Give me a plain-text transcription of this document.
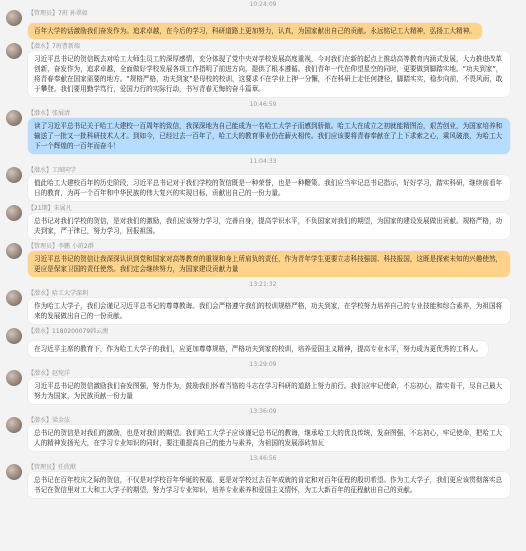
10:24:09
【管理员】7班 孙翠如
百年大学的话激励我们奋发作为。追求卓越，在今后的学习，科研道路上更加努力，认真，为国家献出自己的贡献。永远铭记工大精神，弘扬工大精神。
【潜水】7班曹新瑞
习近平总书记的贺信既去对哈工大师生员工的深厚感情，充分体现了党中央对学校发展高度重视，今对我们在新的起点上推动高等教育内涵式发展，大力推进改革创新，奋发作为，追求卓越，全面做好学校发展各项工作指明了前进方向，提供了根本遵循。我们青年一代在仰望星空的同时，更要做到脚踏实地。“功夫到家”，将青春奉献在国家需要的地方。“规格严格，功夫到家”是母校的校训，这要求不在学业上押一分懈，不在科研上走任何捷径，脚踏实实，稳步向前，不畏风雨，敢于攀登。我们要用勤学笃行，爱国力行的实际行动，书写青春无悔的奋斗篇章。
10:46:59
【潜水】张展清
读了习近平总书记关于哈工大建校一百周年的致信，我深深地为自己能成为一名哈工大学子而感到骄傲。哈工大在成立之初就能精图治，艰苦创业，为国家培养和输送了一批又一批科研技术人才。到如今，已经过去一百年了，哈工大的教育事业仍在薪火相传。我们应该要将青春奉献在了上下求索之心，乘风破浪，为哈工大下一个辉煌的一百年而奋斗！
11:04:33
【潜水】工图同学
值此哈工大建校百年的历史阶段，习近平总书记对于我们学校的贺信既是一种荣誉，也是一种鞭策。我们应当牢记总书记指示，好好学习，踏实科研，继续前看年日的教育，为再一个百年和中华民族的伟大复兴的实现目标，贡献出自己的一份力量。
【21期】朱展凡
总书记对我们学校的贺信，是对我们的激励，我们应该努力学习，完善自身，提高学识水平，不负国家对我们的期望，为国家的建设发展做出贡献。规格严格，功夫到家，严于律已，努力学习，回报祖国。
【管理员】李鹏 小班2群
习近平总书记的贺信让我深深认识到党和国家对高等教育的重视和身上所肩负的责任，作为青年学生更要立志科技强国、科技报国，这既是探索未知的兴趣使然，更应是保家卫国的责任使然。我们定会继续努力，为国家建设贡献力量
13:21:32
【潜水】哈工大学深圳
作为哈工大学子，我们会谨记习近平总书记的尊尊教诲。我们会严格遵守我们的校训规格严格，功夫到家，在学校努力培养自己的专业技能和综合素养，为祖国将来的发展做出自己的一份贡献。
【潜水】1180200079韩云澳
在习近平主席的教育下，作为哈工大学子的我们，应更加尊尊规格，严格功夫到家的校训，培养爱国主义精神，提高专业水平，努力成为更优秀的工科人。
13:29:09
【潜水】赵宛洋
习近平总书记的贺信激励我们奋发图强，努力作为，鼓励我们怀着当铬的斗志在学习科研的道路上努力前行。我们应牢记使命，不忘初心，踏实肯干，尽自己最大努力为国家，为民族贡献一份力量
13:36:09
【潜水】梁金泫
总书记的贺信是对我们的激励，也是对我们的期望。我们哈工大学子应该谨记总书记的教诲，继承哈工大的优良传统，发奋图强，不忘初心，牢记使命，把哈工大人的精神发扬光大，在学习专业知识的同时，要注重提高自己的能力与素养，为祖国的发展添砖加瓦
13:46:56
【管理员】任欣猷
总书记在百年校庆之际的贺信，不仅是对学校百年华诞的祝福，更是对学校过去百年成就的肯定和对百年征程的殷切希望。作为工大学子，我们更应该贯彻落实总书记在贺信里对工大和工大学子的期望，努力学习专业知识，培养专业素养和爱国主义情怀，为工大新百年的征程献出自己的贡献。
